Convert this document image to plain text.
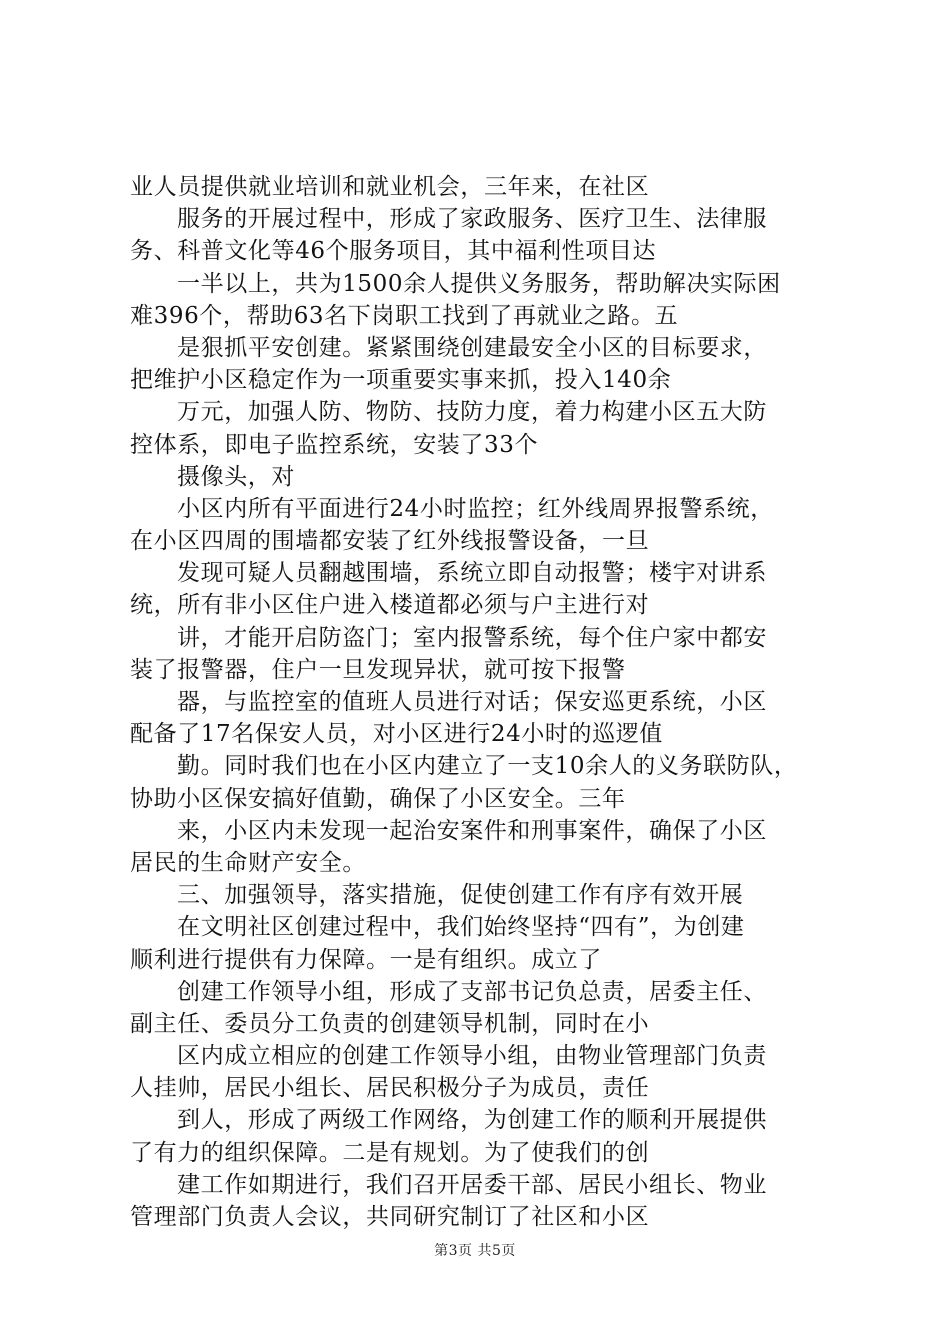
业人员提供就业培训和就业机会，三年来，在社区
服务的开展过程中，形成了家政服务、医疗卫生、法律服
务、科普文化等46个服务项目，其中福利性项目达
一半以上，共为1500余人提供义务服务，帮助解决实际困
难396个，帮助63名下岗职工找到了再就业之路。五
是狠抓平安创建。紧紧围绕创建最安全小区的目标要求，
把维护小区稳定作为一项重要实事来抓，投入140余
万元，加强人防、物防、技防力度，着力构建小区五大防
控体系，即电子监控系统，安装了33个
摄像头，对
小区内所有平面进行24小时监控；红外线周界报警系统，
在小区四周的围墙都安装了红外线报警设备，一旦
发现可疑人员翻越围墙，系统立即自动报警；楼宇对讲系
统，所有非小区住户进入楼道都必须与户主进行对
讲，才能开启防盗门；室内报警系统，每个住户家中都安
装了报警器，住户一旦发现异状，就可按下报警
器，与监控室的值班人员进行对话；保安巡更系统，小区
配备了17名保安人员，对小区进行24小时的巡逻值
勤。同时我们也在小区内建立了一支10余人的义务联防队，
协助小区保安搞好值勤，确保了小区安全。三年
来，小区内未发现一起治安案件和刑事案件，确保了小区
居民的生命财产安全。
三、加强领导，落实措施，促使创建工作有序有效开展
在文明社区创建过程中，我们始终坚持“四有”，为创建
顺利进行提供有力保障。一是有组织。成立了
创建工作领导小组，形成了支部书记负总责，居委主任、
副主任、委员分工负责的创建领导机制，同时在小
区内成立相应的创建工作领导小组，由物业管理部门负责
人挂帅，居民小组长、居民积极分子为成员，责任
到人，形成了两级工作网络，为创建工作的顺利开展提供
了有力的组织保障。二是有规划。为了使我们的创
建工作如期进行，我们召开居委干部、居民小组长、物业
管理部门负责人会议，共同研究制订了社区和小区
第3页 共5页
